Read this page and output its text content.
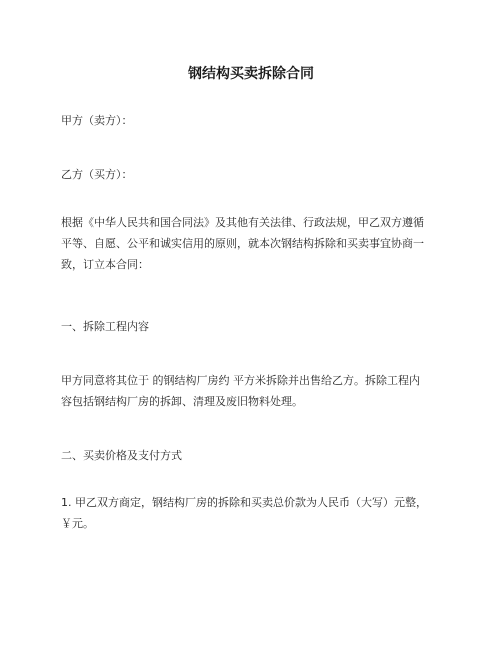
钢结构买卖拆除合同
甲方（卖方）：
乙方（买方）：
根据《中华人民共和国合同法》及其他有关法律、行政法规，甲乙双方遵循
平等、自愿、公平和诚实信用的原则，就本次钢结构拆除和买卖事宜协商一
致，订立本合同：
一、拆除工程内容
甲方同意将其位于 的钢结构厂房约 平方米拆除并出售给乙方。拆除工程内
容包括钢结构厂房的拆卸、清理及废旧物料处理。
二、买卖价格及支付方式
1. 甲乙双方商定，钢结构厂房的拆除和买卖总价款为人民币（大写）元整，
￥元。
